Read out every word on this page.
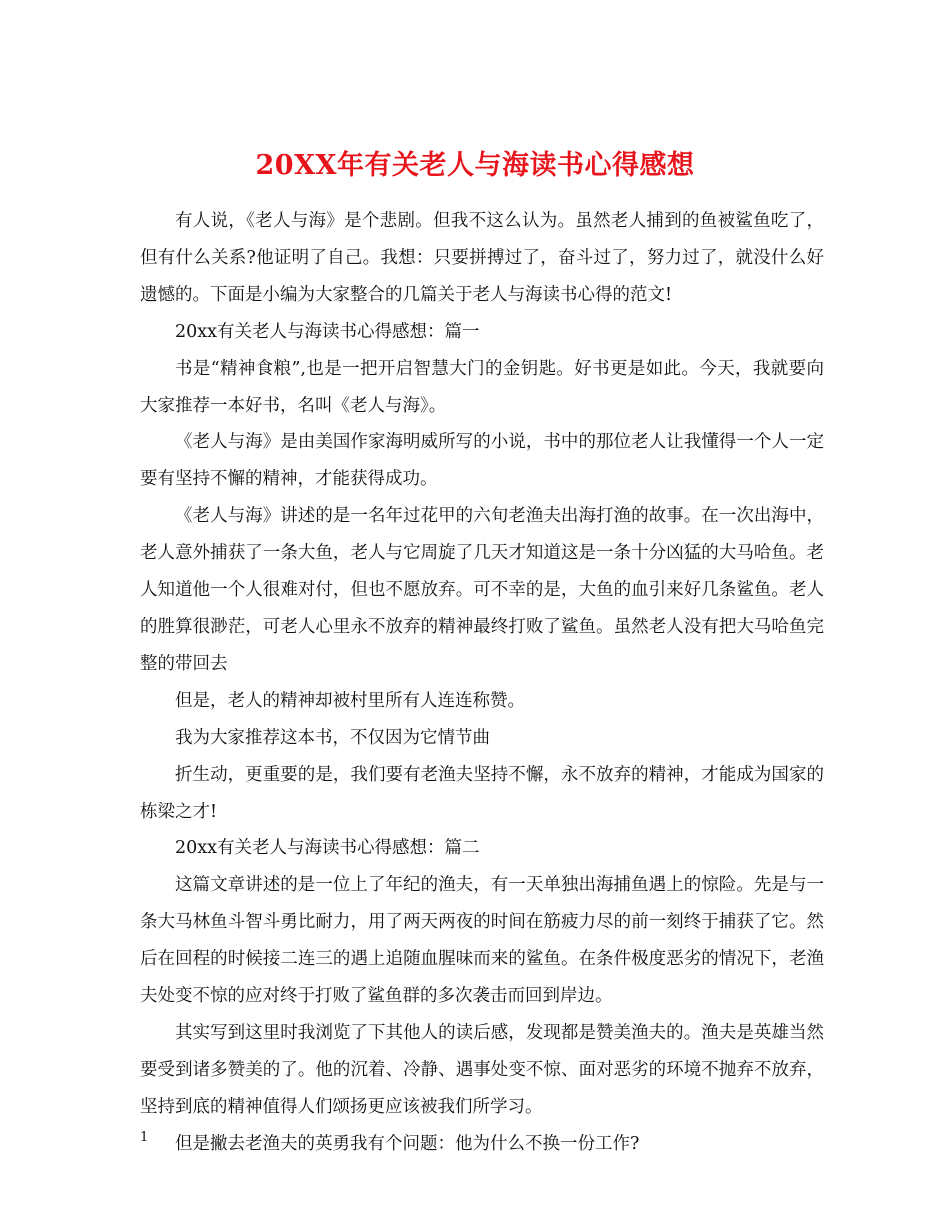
20XX年有关老人与海读书心得感想

有人说，《老人与海》是个悲剧。但我不这么认为。虽然老人捕到的鱼被鲨鱼吃了，但有什么关系?他证明了自己。我想：只要拼搏过了，奋斗过了，努力过了，就没什么好遗憾的。下面是小编为大家整合的几篇关于老人与海读书心得的范文!

20xx有关老人与海读书心得感想：篇一

书是“精神食粮”,也是一把开启智慧大门的金钥匙。好书更是如此。今天，我就要向大家推荐一本好书，名叫《老人与海》。

《老人与海》是由美国作家海明威所写的小说，书中的那位老人让我懂得一个人一定要有坚持不懈的精神，才能获得成功。

《老人与海》讲述的是一名年过花甲的六旬老渔夫出海打渔的故事。在一次出海中，老人意外捕获了一条大鱼，老人与它周旋了几天才知道这是一条十分凶猛的大马哈鱼。老人知道他一个人很难对付，但也不愿放弃。可不幸的是，大鱼的血引来好几条鲨鱼。老人的胜算很渺茫，可老人心里永不放弃的精神最终打败了鲨鱼。虽然老人没有把大马哈鱼完整的带回去

但是，老人的精神却被村里所有人连连称赞。

我为大家推荐这本书，不仅因为它情节曲

折生动，更重要的是，我们要有老渔夫坚持不懈，永不放弃的精神，才能成为国家的栋梁之才!

20xx有关老人与海读书心得感想：篇二

这篇文章讲述的是一位上了年纪的渔夫，有一天单独出海捕鱼遇上的惊险。先是与一条大马林鱼斗智斗勇比耐力，用了两天两夜的时间在筋疲力尽的前一刻终于捕获了它。然后在回程的时候接二连三的遇上追随血腥味而来的鲨鱼。在条件极度恶劣的情况下，老渔夫处变不惊的应对终于打败了鲨鱼群的多次袭击而回到岸边。

其实写到这里时我浏览了下其他人的读后感，发现都是赞美渔夫的。渔夫是英雄当然要受到诸多赞美的了。他的沉着、冷静、遇事处变不惊、面对恶劣的环境不抛弃不放弃，坚持到底的精神值得人们颂扬更应该被我们所学习。

但是撇去老渔夫的英勇我有个问题：他为什么不换一份工作?

1
